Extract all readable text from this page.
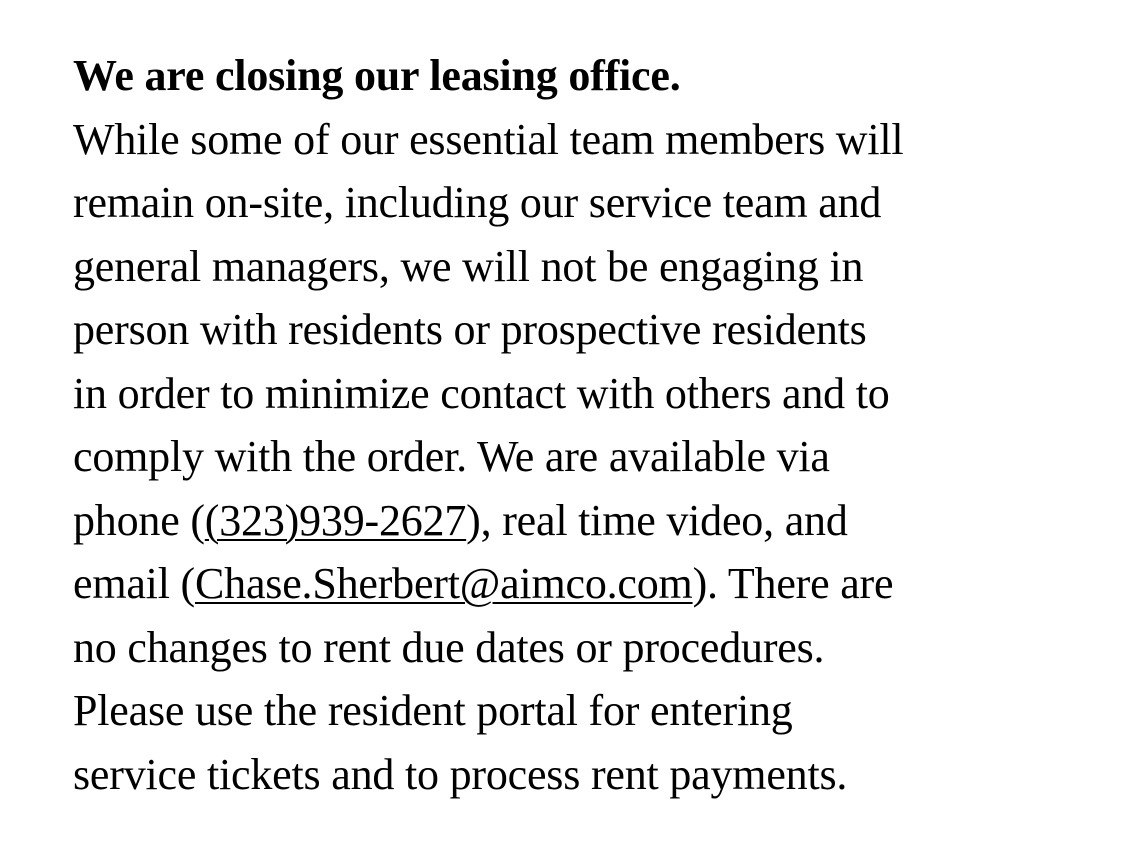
We are closing our leasing office.
While some of our essential team members will
remain on-site, including our service team and
general managers, we will not be engaging in
person with residents or prospective residents
in order to minimize contact with others and to
comply with the order. We are available via
phone ((323)939-2627), real time video, and
email (Chase.Sherbert@aimco.com). There are
no changes to rent due dates or procedures.
Please use the resident portal for entering
service tickets and to process rent payments.
